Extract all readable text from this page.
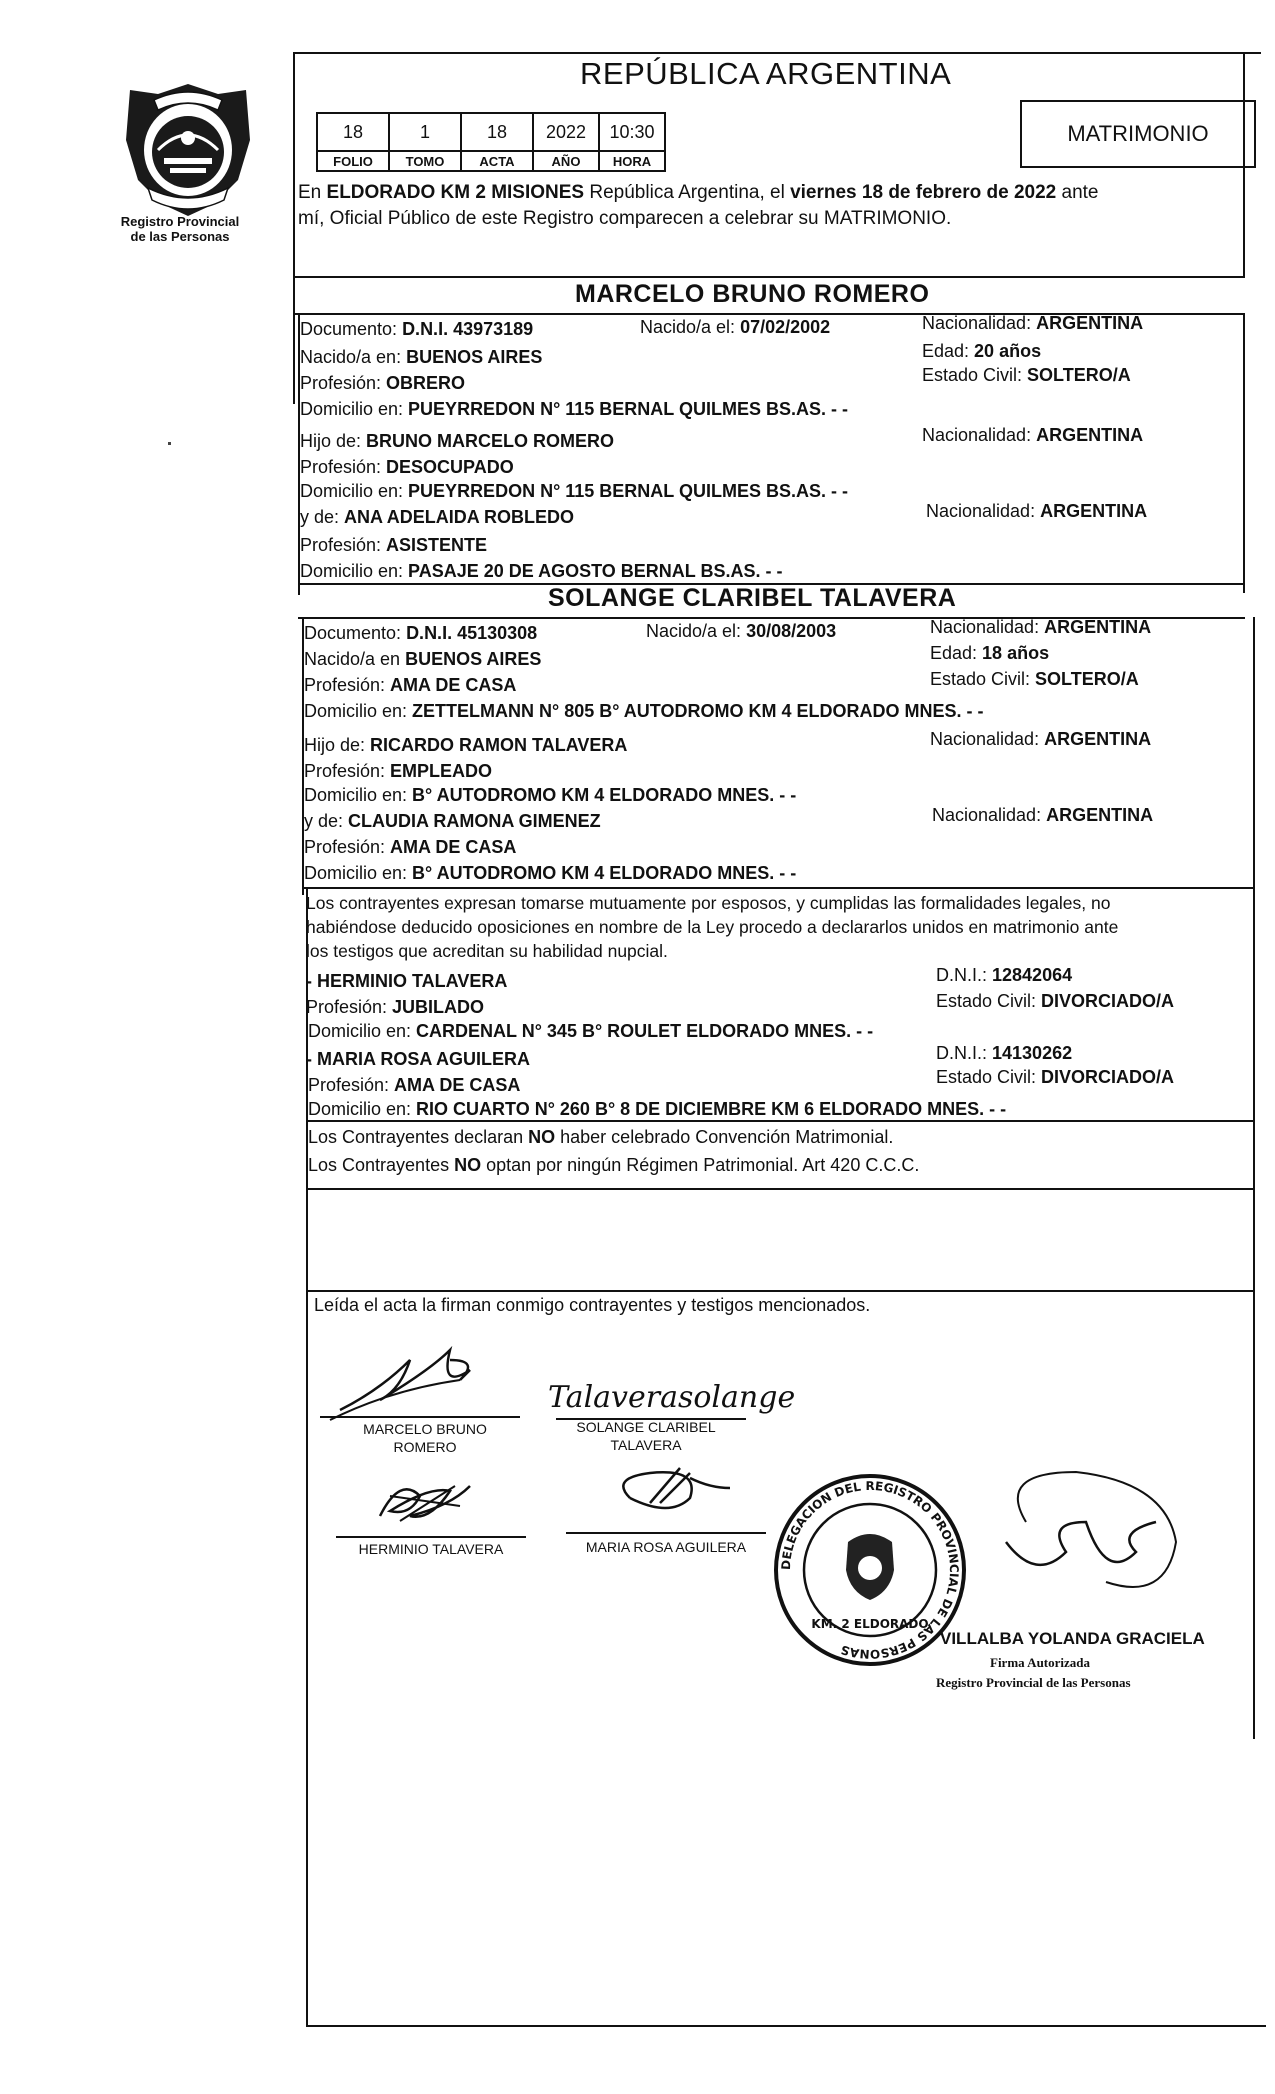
Registro Provincial
de las Personas
REPÚBLICA ARGENTINA
18	1	18	2022	10:30
FOLIO	TOMO	ACTA	AÑO	HORA
MATRIMONIO
En ELDORADO KM 2 MISIONES República Argentina, el viernes 18 de febrero de 2022 ante
mí, Oficial Público de este Registro comparecen a celebrar su MATRIMONIO.
MARCELO BRUNO ROMERO
Documento: D.N.I. 43973189	Nacido/a el: 07/02/2002	Nacionalidad: ARGENTINA
Nacido/a en: BUENOS AIRES	Edad: 20 años
Profesión: OBRERO	Estado Civil: SOLTERO/A
Domicilio en: PUEYRREDON N° 115 BERNAL QUILMES BS.AS. - -
Hijo de: BRUNO MARCELO ROMERO	Nacionalidad: ARGENTINA
Profesión: DESOCUPADO
Domicilio en: PUEYRREDON N° 115 BERNAL QUILMES BS.AS. - -
y de: ANA ADELAIDA ROBLEDO	Nacionalidad: ARGENTINA
Profesión: ASISTENTE
Domicilio en: PASAJE 20 DE AGOSTO BERNAL BS.AS. - -
SOLANGE CLARIBEL TALAVERA
Documento: D.N.I. 45130308	Nacido/a el: 30/08/2003	Nacionalidad: ARGENTINA
Nacido/a en BUENOS AIRES	Edad: 18 años
Profesión: AMA DE CASA	Estado Civil: SOLTERO/A
Domicilio en: ZETTELMANN N° 805 B° AUTODROMO KM 4 ELDORADO MNES. - -
Hijo de: RICARDO RAMON TALAVERA	Nacionalidad: ARGENTINA
Profesión: EMPLEADO
Domicilio en: B° AUTODROMO KM 4 ELDORADO MNES. - -
y de: CLAUDIA RAMONA GIMENEZ	Nacionalidad: ARGENTINA
Profesión: AMA DE CASA
Domicilio en: B° AUTODROMO KM 4 ELDORADO MNES. - -
Los contrayentes expresan tomarse mutuamente por esposos, y cumplidas las formalidades legales, no
habiéndose deducido oposiciones en nombre de la Ley procedo a declararlos unidos en matrimonio ante
los testigos que acreditan su habilidad nupcial.
- HERMINIO TALAVERA	D.N.I.: 12842064
Profesión: JUBILADO	Estado Civil: DIVORCIADO/A
Domicilio en: CARDENAL N° 345 B° ROULET ELDORADO MNES. - -
- MARIA ROSA AGUILERA	D.N.I.: 14130262
Profesión: AMA DE CASA	Estado Civil: DIVORCIADO/A
Domicilio en: RIO CUARTO N° 260 B° 8 DE DICIEMBRE KM 6 ELDORADO MNES. - -
Los Contrayentes declaran NO haber celebrado Convención Matrimonial.
Los Contrayentes NO optan por ningún Régimen Patrimonial. Art 420 C.C.C.
Leída el acta la firman conmigo contrayentes y testigos mencionados.
MARCELO BRUNO
ROMERO
Talaverasolange
SOLANGE CLARIBEL
TALAVERA
HERMINIO TALAVERA	MARIA ROSA AGUILERA
DELEGACION DEL REGISTRO PROVINCIAL DE LAS PERSONAS
KM. 2 ELDORADO
VILLALBA YOLANDA GRACIELA
Firma Autorizada
Registro Provincial de las Personas
